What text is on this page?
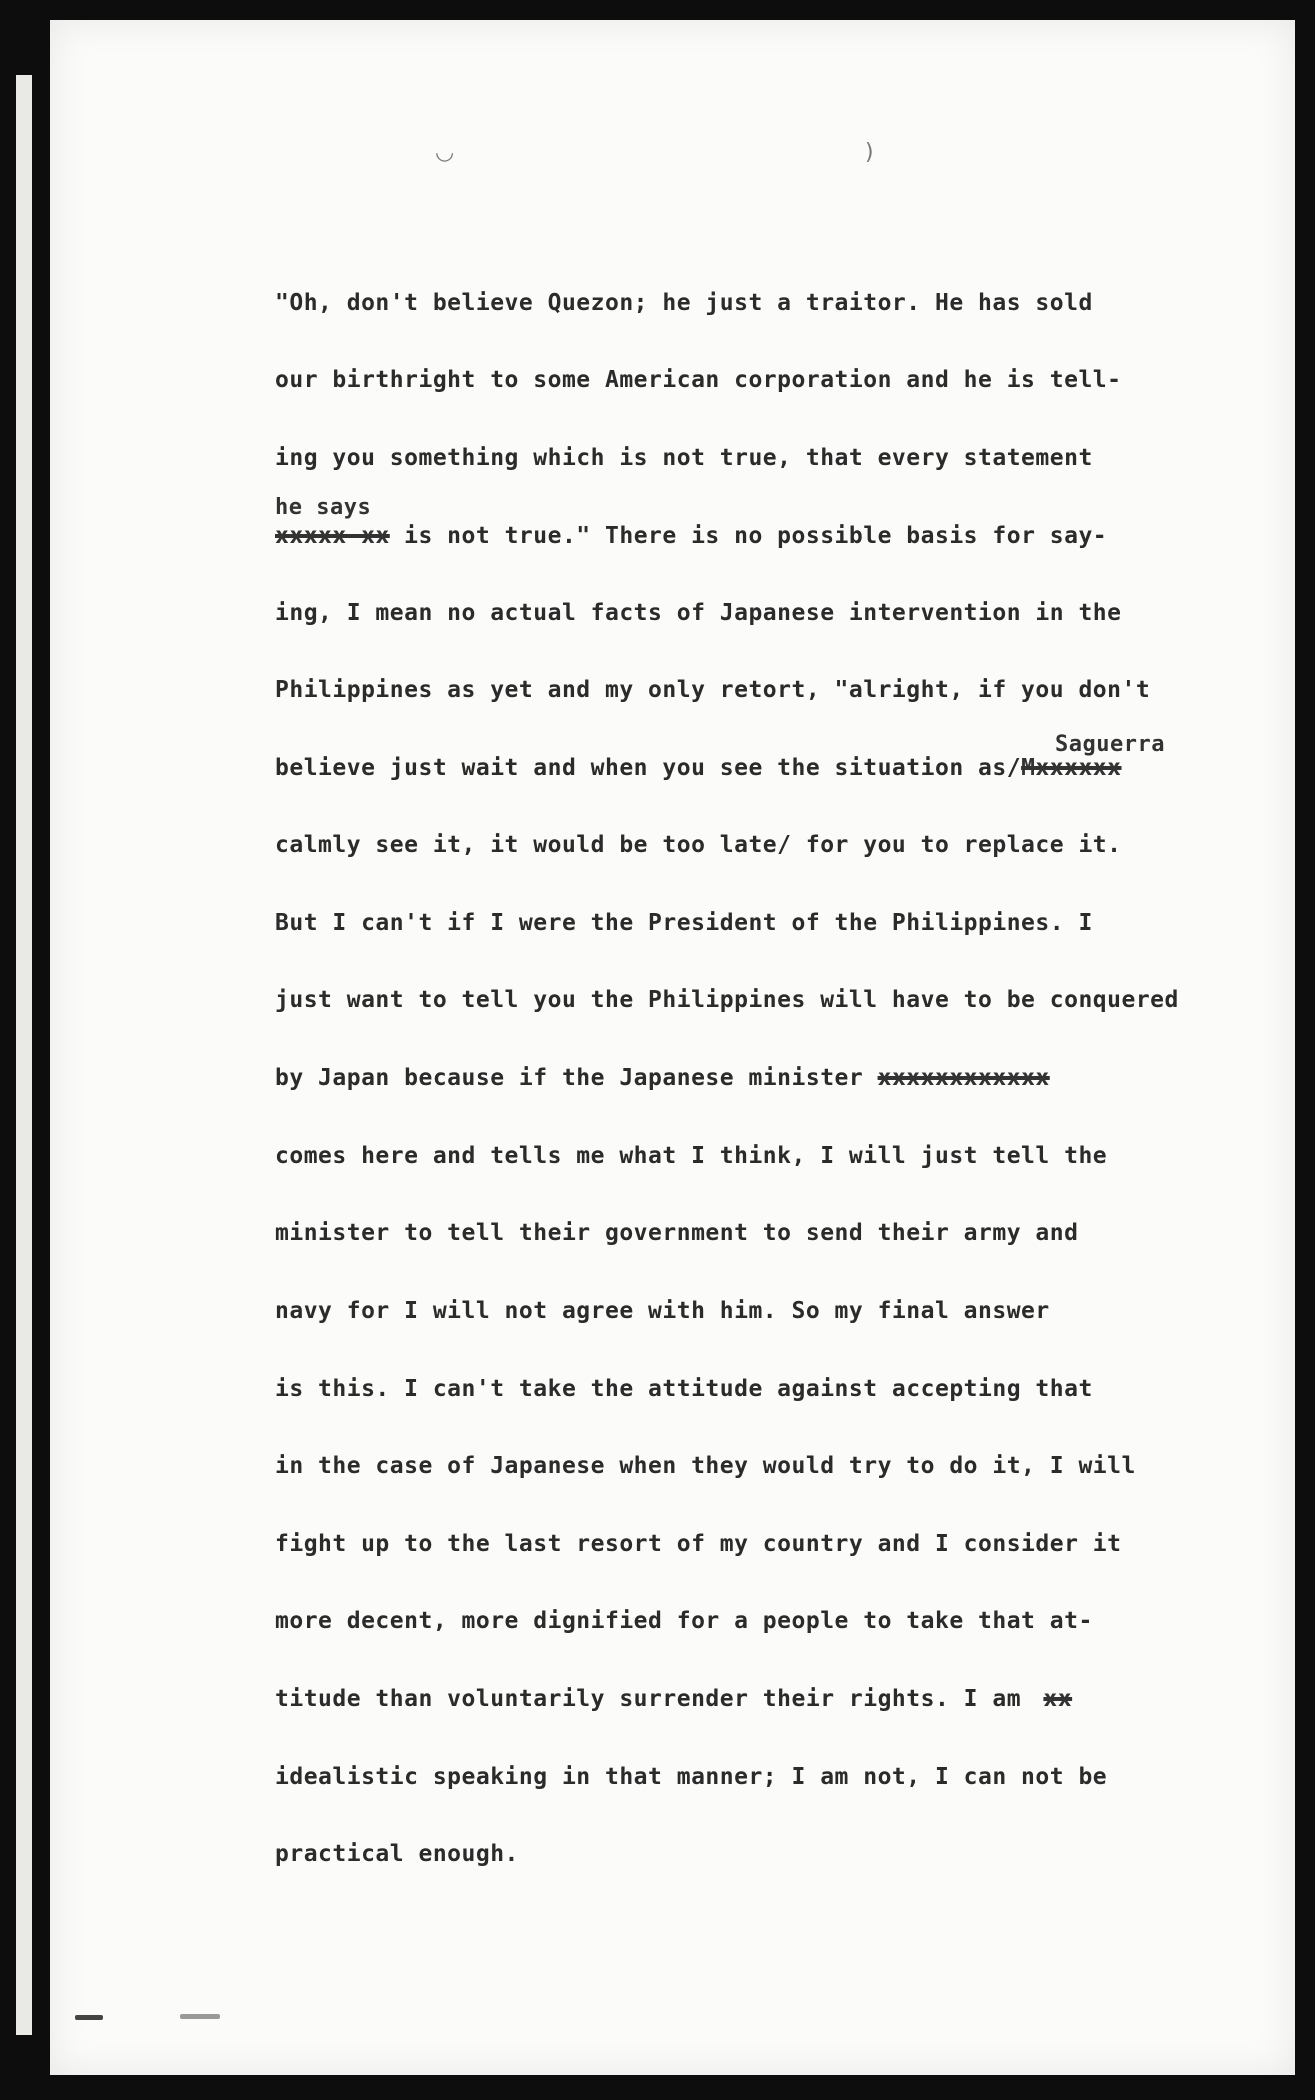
◡	)
"Oh, don't believe Quezon; he just a traitor. He has sold
our birthright to some American corporation and he is tell-
ing you something which is not true, that every statement
he says
xxxxx xx is not true." There is no possible basis for say-
ing, I mean no actual facts of Japanese intervention in the
Philippines as yet and my only retort, "alright, if you don't
Saguerra
believe just wait and when you see the situation as/Mxxxxxx
calmly see it, it would be too late/ for you to replace it.
But I can't if I were the President of the Philippines. I
just want to tell you the Philippines will have to be conquered
by Japan because if the Japanese minister xxxxxxxxxxxx
comes here and tells me what I think, I will just tell the
minister to tell their government to send their army and
navy for I will not agree with him. So my final answer
is this. I can't take the attitude against accepting that
in the case of Japanese when they would try to do it, I will
fight up to the last resort of my country and I consider it
more decent, more dignified for a people to take that at-
titude than voluntarily surrender their rights. I am xx
idealistic speaking in that manner; I am not, I can not be
practical enough.
